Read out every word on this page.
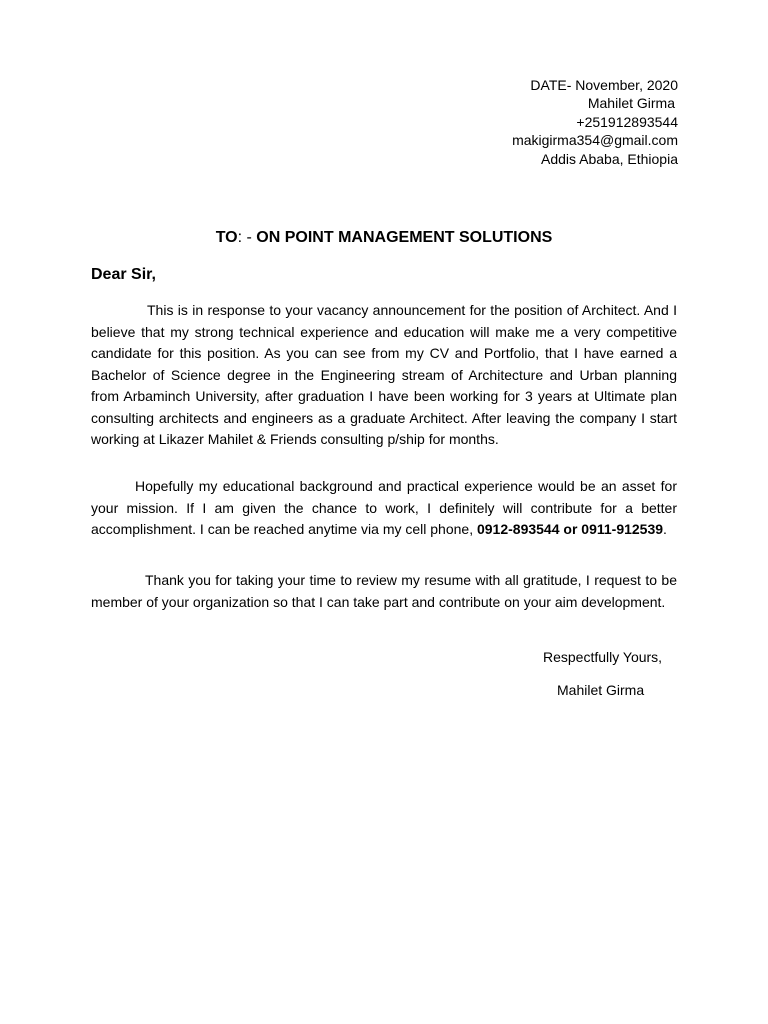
DATE- November, 2020
Mahilet Girma
+251912893544
makigirma354@gmail.com
Addis Ababa, Ethiopia
TO: - ON POINT MANAGEMENT SOLUTIONS
Dear Sir,

This is in response to your vacancy announcement for the position of Architect. And I believe that my strong technical experience and education will make me a very competitive candidate for this position. As you can see from my CV and Portfolio, that I have earned a Bachelor of Science degree in the Engineering stream of Architecture and Urban planning from Arbaminch University, after graduation I have been working for 3 years at Ultimate plan consulting architects and engineers as a graduate Architect. After leaving the company I start working at Likazer Mahilet & Friends consulting p/ship for months.

Hopefully my educational background and practical experience would be an asset for your mission. If I am given the chance to work, I definitely will contribute for a better accomplishment. I can be reached anytime via my cell phone, 0912-893544 or 0911-912539.

Thank you for taking your time to review my resume with all gratitude, I request to be member of your organization so that I can take part and contribute on your aim development.

Respectfully Yours,
Mahilet Girma
